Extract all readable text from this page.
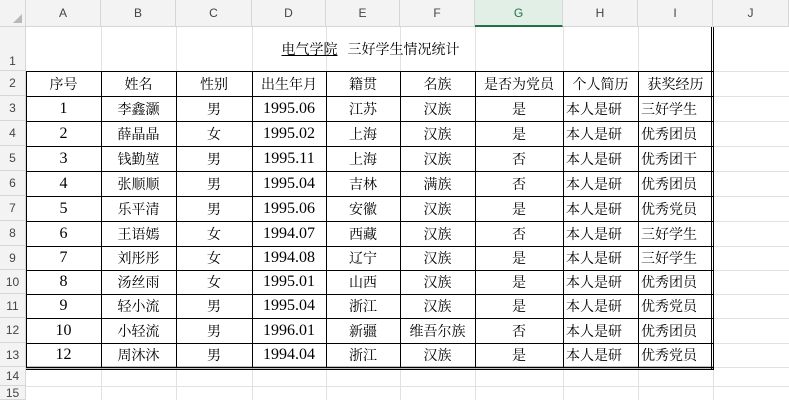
A	B	C	D	E	F	G	H	I	J
1
2
3
4
5
6
7
8
9
10
11
12
13
14
15
电气学院 三好学生情况统计
序号	姓名	性别	出生年月	籍贯	名族	是否为党员	个人简历	获奖经历
1	李鑫灏	男	1995.06	江苏	汉族	是	本人是研	三好学生
2	薛晶晶	女	1995.02	上海	汉族	是	本人是研	优秀团员
3	钱勤堃	男	1995.11	上海	汉族	否	本人是研	优秀团干
4	张顺顺	男	1995.04	吉林	满族	否	本人是研	优秀团员
5	乐平清	男	1995.06	安徽	汉族	是	本人是研	优秀党员
6	王语嫣	女	1994.07	西藏	汉族	否	本人是研	三好学生
7	刘彤彤	女	1994.08	辽宁	汉族	是	本人是研	三好学生
8	汤丝雨	女	1995.01	山西	汉族	是	本人是研	优秀团员
9	轻小流	男	1995.04	浙江	汉族	是	本人是研	优秀党员
10	小轻流	男	1996.01	新疆	维吾尔族	否	本人是研	优秀团员
12	周沐沐	男	1994.04	浙江	汉族	是	本人是研	优秀党员
